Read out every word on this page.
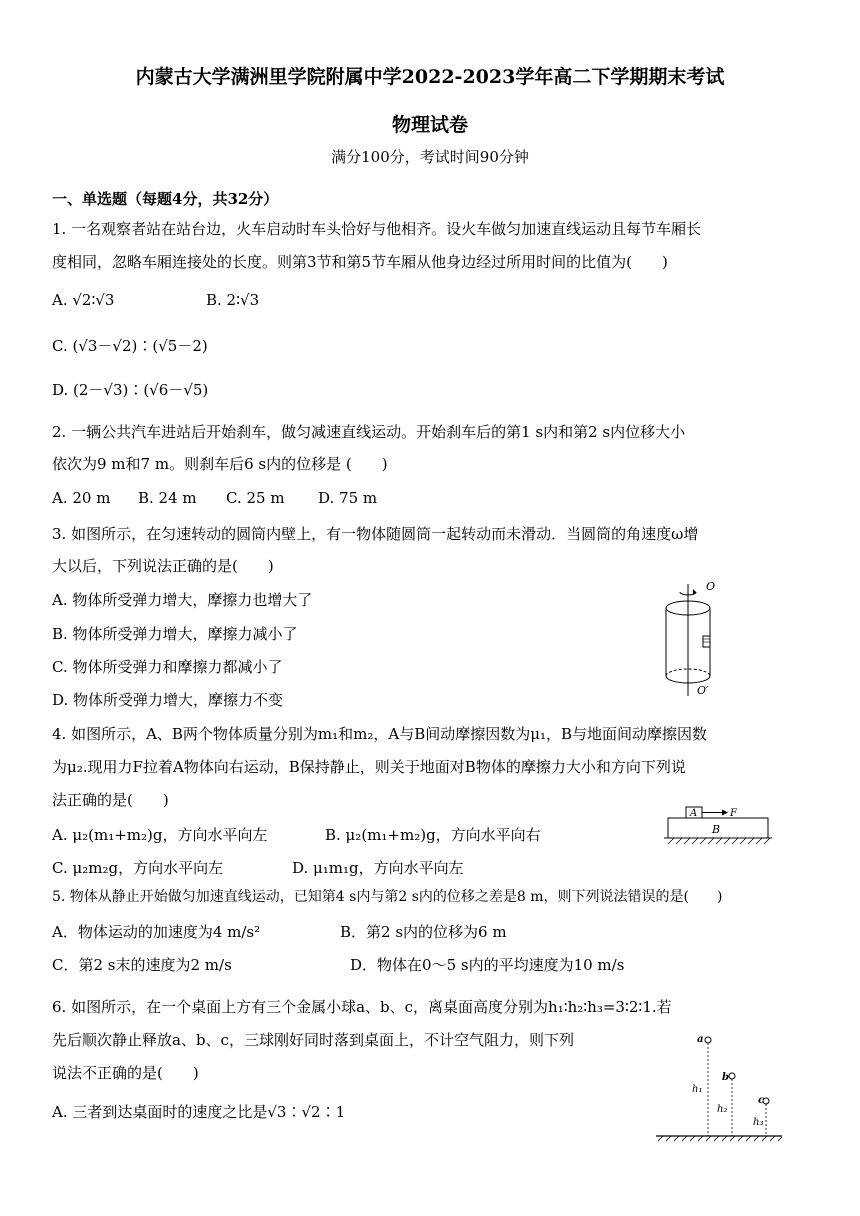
内蒙古大学满洲里学院附属中学2022-2023学年高二下学期期末考试
物理试卷
满分100分，考试时间90分钟
一、单选题（每题4分，共32分）
1. 一名观察者站在站台边，火车启动时车头恰好与他相齐。设火车做匀加速直线运动且每节车厢长
度相同，忽略车厢连接处的长度。则第3节和第5节车厢从他身边经过所用时间的比值为(　　)
A. √2∶√3	B. 2∶√3
C. (√3－√2)∶(√5－2)
D. (2－√3)∶(√6－√5)
2. 一辆公共汽车进站后开始刹车，做匀减速直线运动。开始刹车后的第1 s内和第2 s内位移大小
依次为9 m和7 m。则刹车后6 s内的位移是 (　　)
A. 20 m B. 24 m C. 25 m D. 75 m
3. 如图所示，在匀速转动的圆筒内壁上，有一物体随圆筒一起转动而未滑动．当圆筒的角速度ω增
大以后，下列说法正确的是(　　)
A. 物体所受弹力增大，摩擦力也增大了
B. 物体所受弹力增大，摩擦力减小了
C. 物体所受弹力和摩擦力都减小了
D. 物体所受弹力增大，摩擦力不变
O
O′
4. 如图所示，A、B两个物体质量分别为m₁和m₂，A与B间动摩擦因数为μ₁，B与地面间动摩擦因数
为μ₂.现用力F拉着A物体向右运动，B保持静止，则关于地面对B物体的摩擦力大小和方向下列说
法正确的是(　　)
A. μ₂(m₁+m₂)g，方向水平向左	B. μ₂(m₁+m₂)g，方向水平向右
C. μ₂m₂g，方向水平向左	D. μ₁m₁g，方向水平向左
A
B
F
5. 物体从静止开始做匀加速直线运动，已知第4 s内与第2 s内的位移之差是8 m，则下列说法错误的是(　　)
A．物体运动的加速度为4 m/s²	B．第2 s内的位移为6 m
C．第2 s末的速度为2 m/s	D．物体在0～5 s内的平均速度为10 m/s
6. 如图所示，在一个桌面上方有三个金属小球a、b、c，离桌面高度分别为h₁∶h₂∶h₃=3∶2∶1.若
先后顺次静止释放a、b、c，三球刚好同时落到桌面上，不计空气阻力，则下列
说法不正确的是(　　)
A. 三者到达桌面时的速度之比是√3∶√2∶1
a
b
c
h₁
h₂
h₃
